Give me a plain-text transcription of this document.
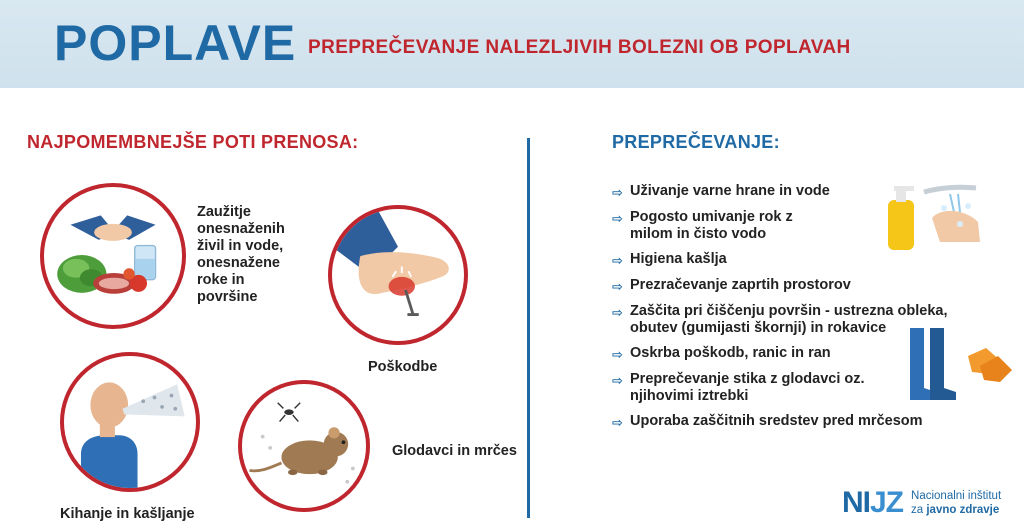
POPLAVE PREPREČEVANJE NALEZLJIVIH BOLEZNI OB POPLAVAH
NAJPOMEMBNEJŠE POTI PRENOSA:	PREPREČEVANJE:
Zaužitje onesnaženih živil in vode, onesnažene roke in površine
Poškodbe
Kihanje in kašljanje
Glodavci in mrčes
⇨ Uživanje varne hrane in vode
⇨ Pogosto umivanje rok z milom in čisto vodo
⇨ Higiena kašlja
⇨ Prezračevanje zaprtih prostorov
⇨ Zaščita pri čiščenju površin - ustrezna obleka, obutev (gumijasti škornji) in rokavice
⇨ Oskrba poškodb, ranic in ran
⇨ Preprečevanje stika z glodavci oz. njihovimi iztrebki
⇨ Uporaba zaščitnih sredstev pred mrčesom
NIJZ Nacionalni inštitut
za javno zdravje
